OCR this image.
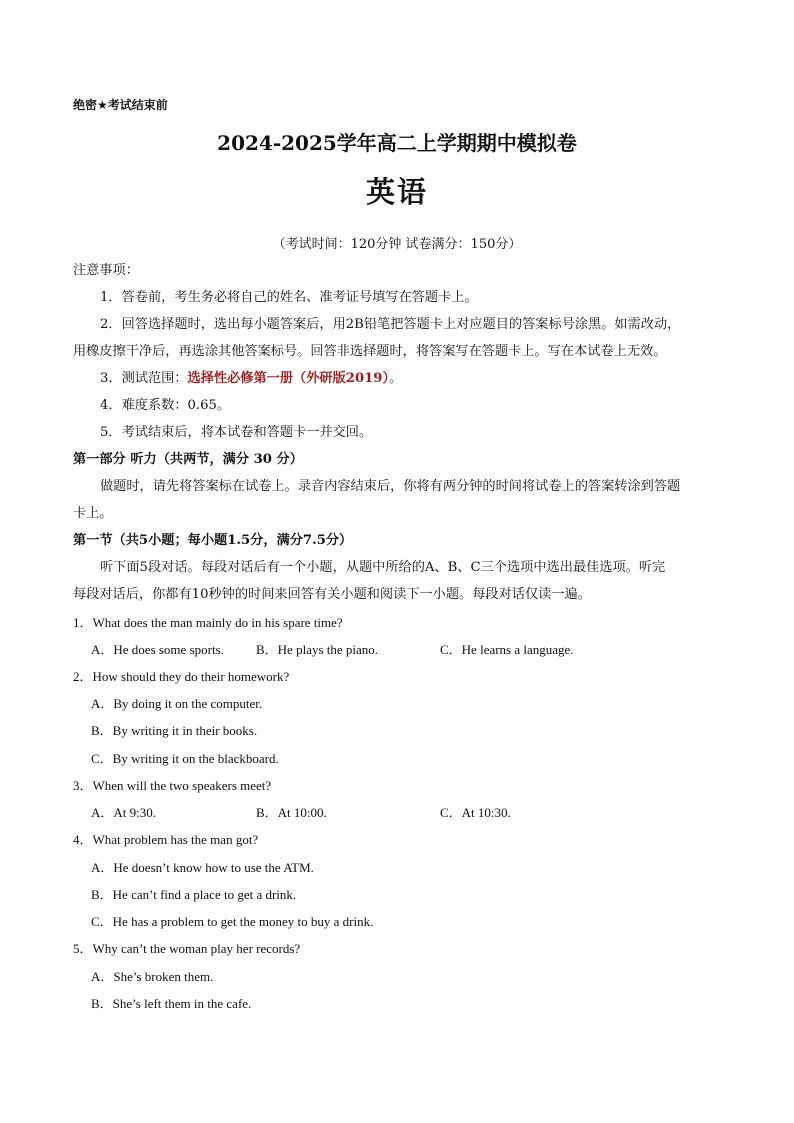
绝密★考试结束前
2024-2025学年高二上学期期中模拟卷
英语
（考试时间：120分钟 试卷满分：150分）
注意事项：
1．答卷前，考生务必将自己的姓名、准考证号填写在答题卡上。
2．回答选择题时，选出每小题答案后，用2B铅笔把答题卡上对应题目的答案标号涂黑。如需改动，
用橡皮擦干净后，再选涂其他答案标号。回答非选择题时，将答案写在答题卡上。写在本试卷上无效。
3．测试范围：选择性必修第一册（外研版2019）。
4．难度系数：0.65。
5．考试结束后，将本试卷和答题卡一并交回。
第一部分 听力（共两节，满分 30 分）
做题时，请先将答案标在试卷上。录音内容结束后，你将有两分钟的时间将试卷上的答案转涂到答题
卡上。
第一节（共5小题；每小题1.5分，满分7.5分）
听下面5段对话。每段对话后有一个小题，从题中所给的A、B、C三个选项中选出最佳选项。听完
每段对话后，你都有10秒钟的时间来回答有关小题和阅读下一小题。每段对话仅读一遍。
1．What does the man mainly do in his spare time?
A．He does some sports. B．He plays the piano.	C．He learns a language.
2．How should they do their homework?
A．By doing it on the computer.
B．By writing it in their books.
C．By writing it on the blackboard.
3．When will the two speakers meet?
A．At 9:30.	B．At 10:00.	C．At 10:30.
4．What problem has the man got?
A．He doesn’t know how to use the ATM.
B．He can’t find a place to get a drink.
C．He has a problem to get the money to buy a drink.
5．Why can’t the woman play her records?
A．She’s broken them.
B．She’s left them in the cafe.
